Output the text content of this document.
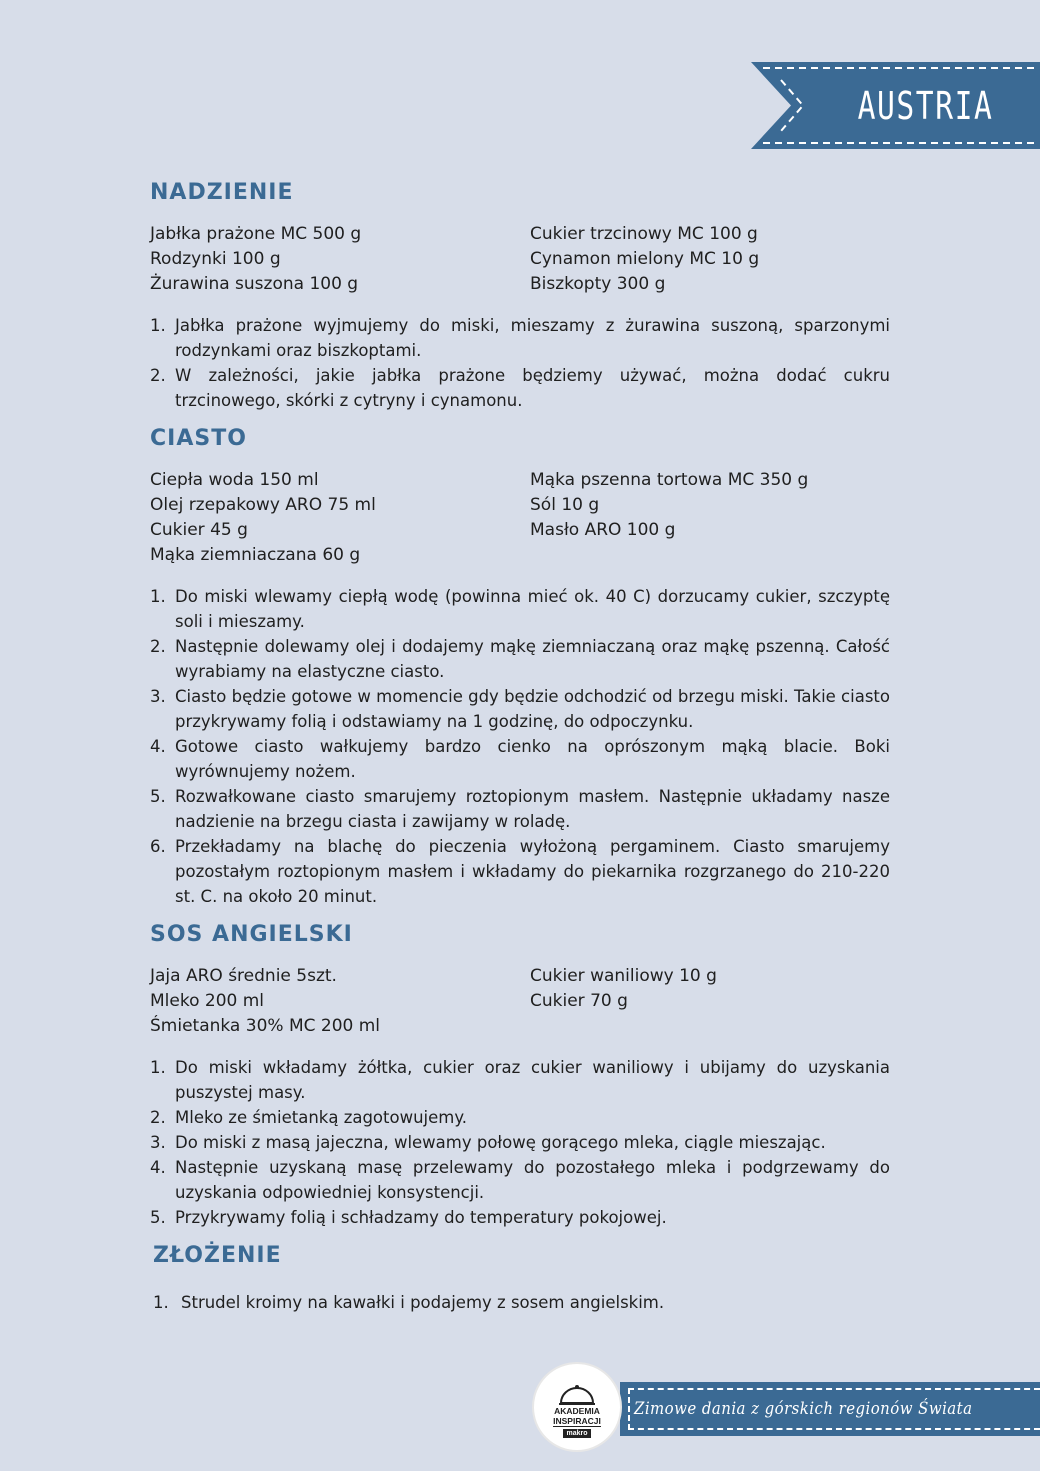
AUSTRIA
NADZIENIE
Jabłka prażone MC 500 g
Rodzynki 100 g
Żurawina suszona 100 g
Cukier trzcinowy MC 100 g
Cynamon mielony MC 10 g
Biszkopty 300 g
1. Jabłka prażone wyjmujemy do miski, mieszamy z żurawina suszoną, sparzonymi rodzynkami oraz biszkoptami.
2. W zależności, jakie jabłka prażone będziemy używać, można dodać cukru trzcinowego, skórki z cytryny i cynamonu.
CIASTO
Ciepła woda 150 ml
Olej rzepakowy ARO 75 ml
Cukier 45 g
Mąka ziemniaczana 60 g
Mąka pszenna tortowa MC 350 g
Sól 10 g
Masło ARO 100 g
1. Do miski wlewamy ciepłą wodę (powinna mieć ok. 40 C) dorzucamy cukier, szczyptę soli i mieszamy.
2. Następnie dolewamy olej i dodajemy mąkę ziemniaczaną oraz mąkę pszenną. Całość wyrabiamy na elastyczne ciasto.
3. Ciasto będzie gotowe w momencie gdy będzie odchodzić od brzegu miski. Takie ciasto przykrywamy folią i odstawiamy na 1 godzinę, do odpoczynku.
4. Gotowe ciasto wałkujemy bardzo cienko na oprószonym mąką blacie. Boki wyrównujemy nożem.
5. Rozwałkowane ciasto smarujemy roztopionym masłem. Następnie układamy nasze nadzienie na brzegu ciasta i zawijamy w roladę.
6. Przekładamy na blachę do pieczenia wyłożoną pergaminem. Ciasto smarujemy pozostałym roztopionym masłem i wkładamy do piekarnika rozgrzanego do 210-220 st. C. na około 20 minut.
SOS ANGIELSKI
Jaja ARO średnie 5szt.
Mleko 200 ml
Śmietanka 30% MC 200 ml
Cukier waniliowy 10 g
Cukier 70 g
1. Do miski wkładamy żółtka, cukier oraz cukier waniliowy i ubijamy do uzyskania puszystej masy.
2. Mleko ze śmietanką zagotowujemy.
3. Do miski z masą jajeczna, wlewamy połowę gorącego mleka, ciągle mieszając.
4. Następnie uzyskaną masę przelewamy do pozostałego mleka i podgrzewamy do uzyskania odpowiedniej konsystencji.
5. Przykrywamy folią i schładzamy do temperatury pokojowej.
ZŁOŻENIE
1. Strudel kroimy na kawałki i podajemy z sosem angielskim.
Zimowe dania z górskich regionów Świata
AKADEMIA
INSPIRACJI
makro
